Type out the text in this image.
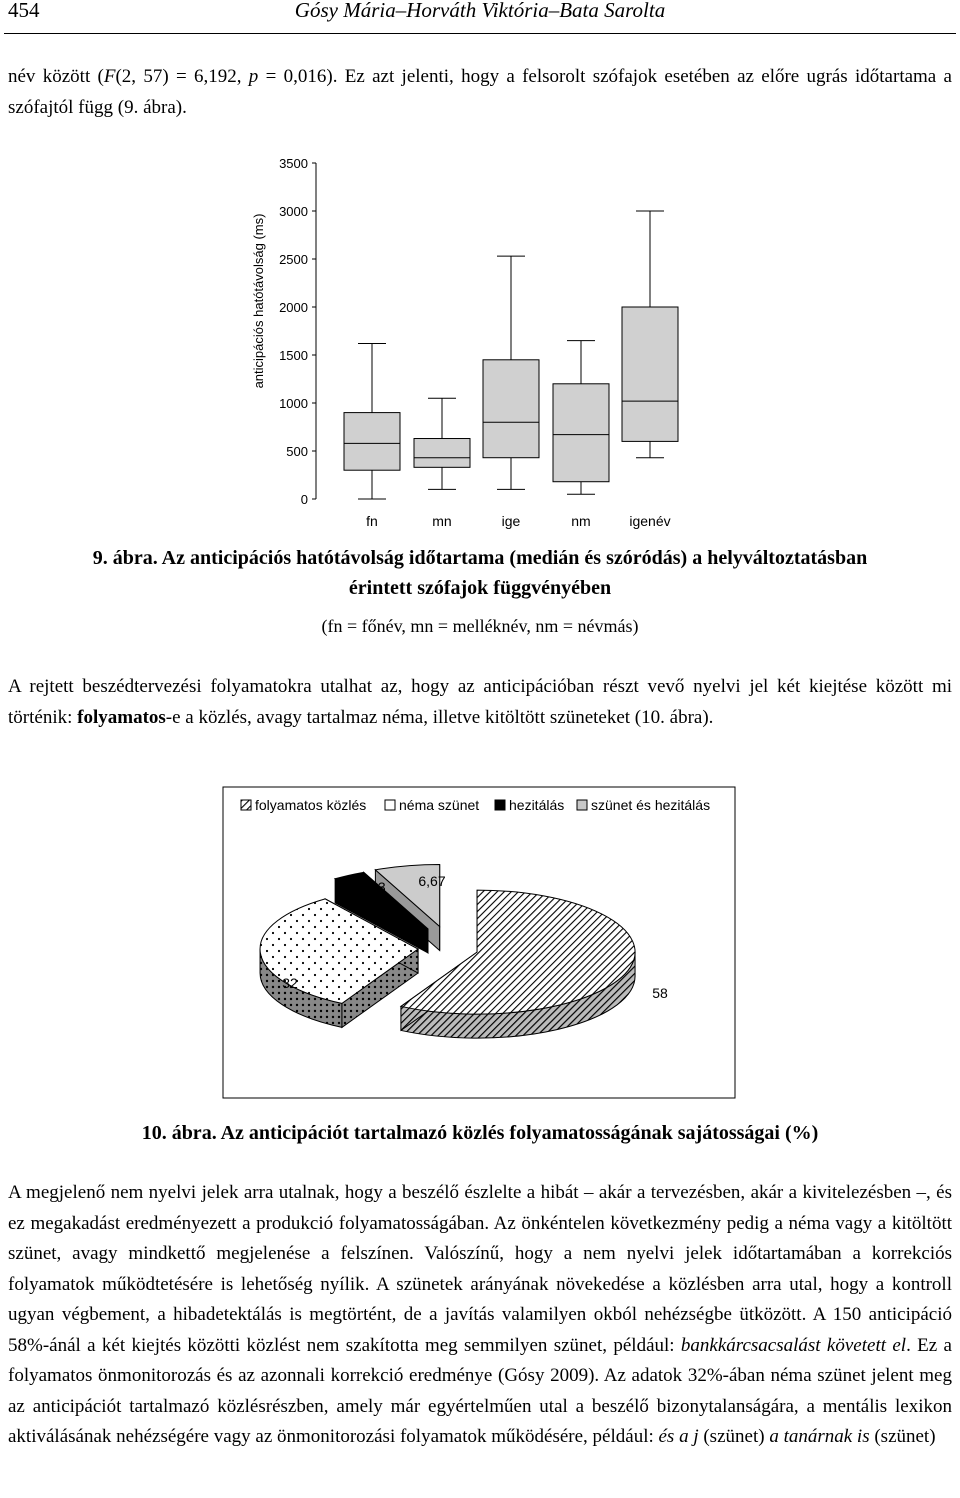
454	Gósy Mária–Horváth Viktória–Bata Sarolta

név között (F(2, 57) = 6,192, p = 0,016). Ez azt jelenti, hogy a felsorolt szófajok esetében az előre ugrás időtartama a szófajtól függ (9. ábra).

anticipációs hatótávolság (ms)
0
500
1000
1500
2000
2500
3000
3500
fn	mn	ige	nm	igenév

9. ábra. Az anticipációs hatótávolság időtartama (medián és szóródás) a helyváltoztatásban
érintett szófajok függvényében

(fn = főnév, mn = melléknév, nm = névmás)

A rejtett beszédtervezési folyamatokra utalhat az, hogy az anticipációban részt vevő nyelvi jel két kiejtése között mi történik: folyamatos-e a közlés, avagy tartalmaz néma, illetve kitöltött szüneteket (10. ábra).

folyamatos közlés néma szünet hezitálás szünet és hezitálás
58
32
3,33 6,67

10. ábra. Az anticipációt tartalmazó közlés folyamatosságának sajátosságai (%)

A megjelenő nem nyelvi jelek arra utalnak, hogy a beszélő észlelte a hibát – akár a tervezésben, akár a kivitelezésben –, és ez megakadást eredményezett a produkció folyamatosságában. Az önkéntelen következmény pedig a néma vagy a kitöltött szünet, avagy mindkettő megjelenése a felszínen. Valószínű, hogy a nem nyelvi jelek időtartamában a korrekciós folyamatok működtetésére is lehetőség nyílik. A szünetek arányának növekedése a közlésben arra utal, hogy a kontroll ugyan végbement, a hibadetektálás is megtörtént, de a javítás valamilyen okból nehézségbe ütközött. A 150 anticipáció 58%-ánál a két kiejtés közötti közlést nem szakította meg semmilyen szünet, például: bankkárcsacsalást követett el. Ez a folyamatos önmonitorozás és az azonnali korrekció eredménye (Gósy 2009). Az adatok 32%-ában néma szünet jelent meg az anticipációt tartalmazó közlésrészben, amely már egyértelműen utal a beszélő bizonytalanságára, a mentális lexikon aktiválásának nehézségére vagy az önmonitorozási folyamatok működésére, például: és a j (szünet) a tanárnak is (szünet)
